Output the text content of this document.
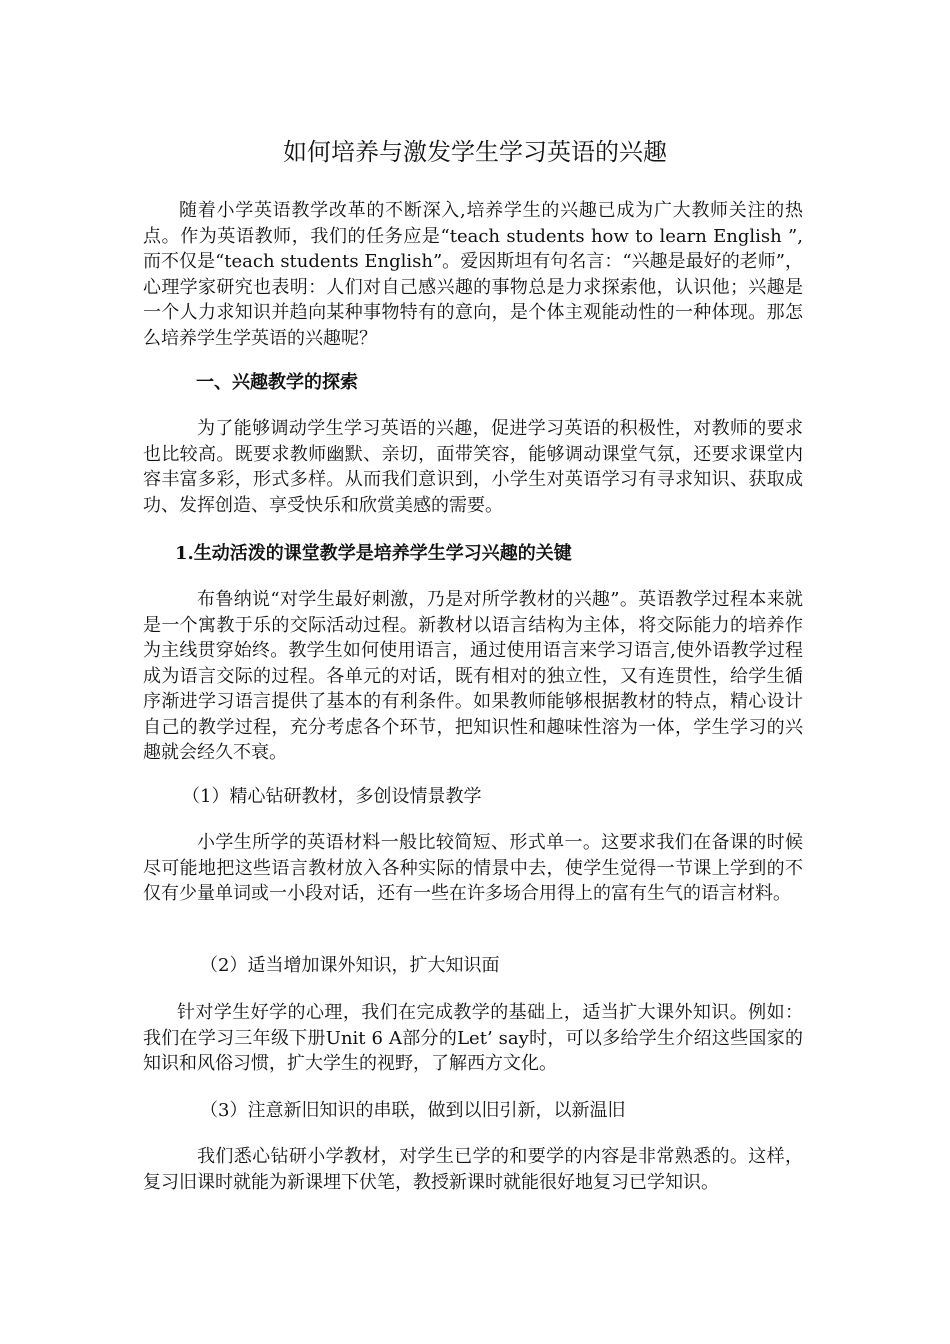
如何培养与激发学生学习英语的兴趣

随着小学英语教学改革的不断深入,培养学生的兴趣已成为广大教师关注的热点。作为英语教师，我们的任务应是“teach students how to learn English ”,而不仅是“teach students English”。爱因斯坦有句名言：“兴趣是最好的老师”，心理学家研究也表明：人们对自己感兴趣的事物总是力求探索他，认识他；兴趣是一个人力求知识并趋向某种事物特有的意向，是个体主观能动性的一种体现。那怎么培养学生学英语的兴趣呢？

一、兴趣教学的探索

为了能够调动学生学习英语的兴趣，促进学习英语的积极性，对教师的要求也比较高。既要求教师幽默、亲切，面带笑容，能够调动课堂气氛，还要求课堂内容丰富多彩，形式多样。从而我们意识到，小学生对英语学习有寻求知识、获取成功、发挥创造、享受快乐和欣赏美感的需要。

1.生动活泼的课堂教学是培养学生学习兴趣的关键

布鲁纳说“对学生最好刺激，乃是对所学教材的兴趣”。英语教学过程本来就是一个寓教于乐的交际活动过程。新教材以语言结构为主体，将交际能力的培养作为主线贯穿始终。教学生如何使用语言，通过使用语言来学习语言,使外语教学过程成为语言交际的过程。各单元的对话，既有相对的独立性，又有连贯性，给学生循序渐进学习语言提供了基本的有利条件。如果教师能够根据教材的特点，精心设计自己的教学过程，充分考虑各个环节，把知识性和趣味性溶为一体，学生学习的兴趣就会经久不衰。

（1）精心钻研教材，多创设情景教学

小学生所学的英语材料一般比较简短、形式单一。这要求我们在备课的时候尽可能地把这些语言教材放入各种实际的情景中去，使学生觉得一节课上学到的不仅有少量单词或一小段对话，还有一些在许多场合用得上的富有生气的语言材料。

（2）适当增加课外知识，扩大知识面

针对学生好学的心理，我们在完成教学的基础上，适当扩大课外知识。例如：我们在学习三年级下册Unit 6 A部分的Let’ say时，可以多给学生介绍这些国家的知识和风俗习惯，扩大学生的视野，了解西方文化。

（3）注意新旧知识的串联，做到以旧引新，以新温旧

我们悉心钻研小学教材，对学生已学的和要学的内容是非常熟悉的。这样，复习旧课时就能为新课埋下伏笔，教授新课时就能很好地复习已学知识。
